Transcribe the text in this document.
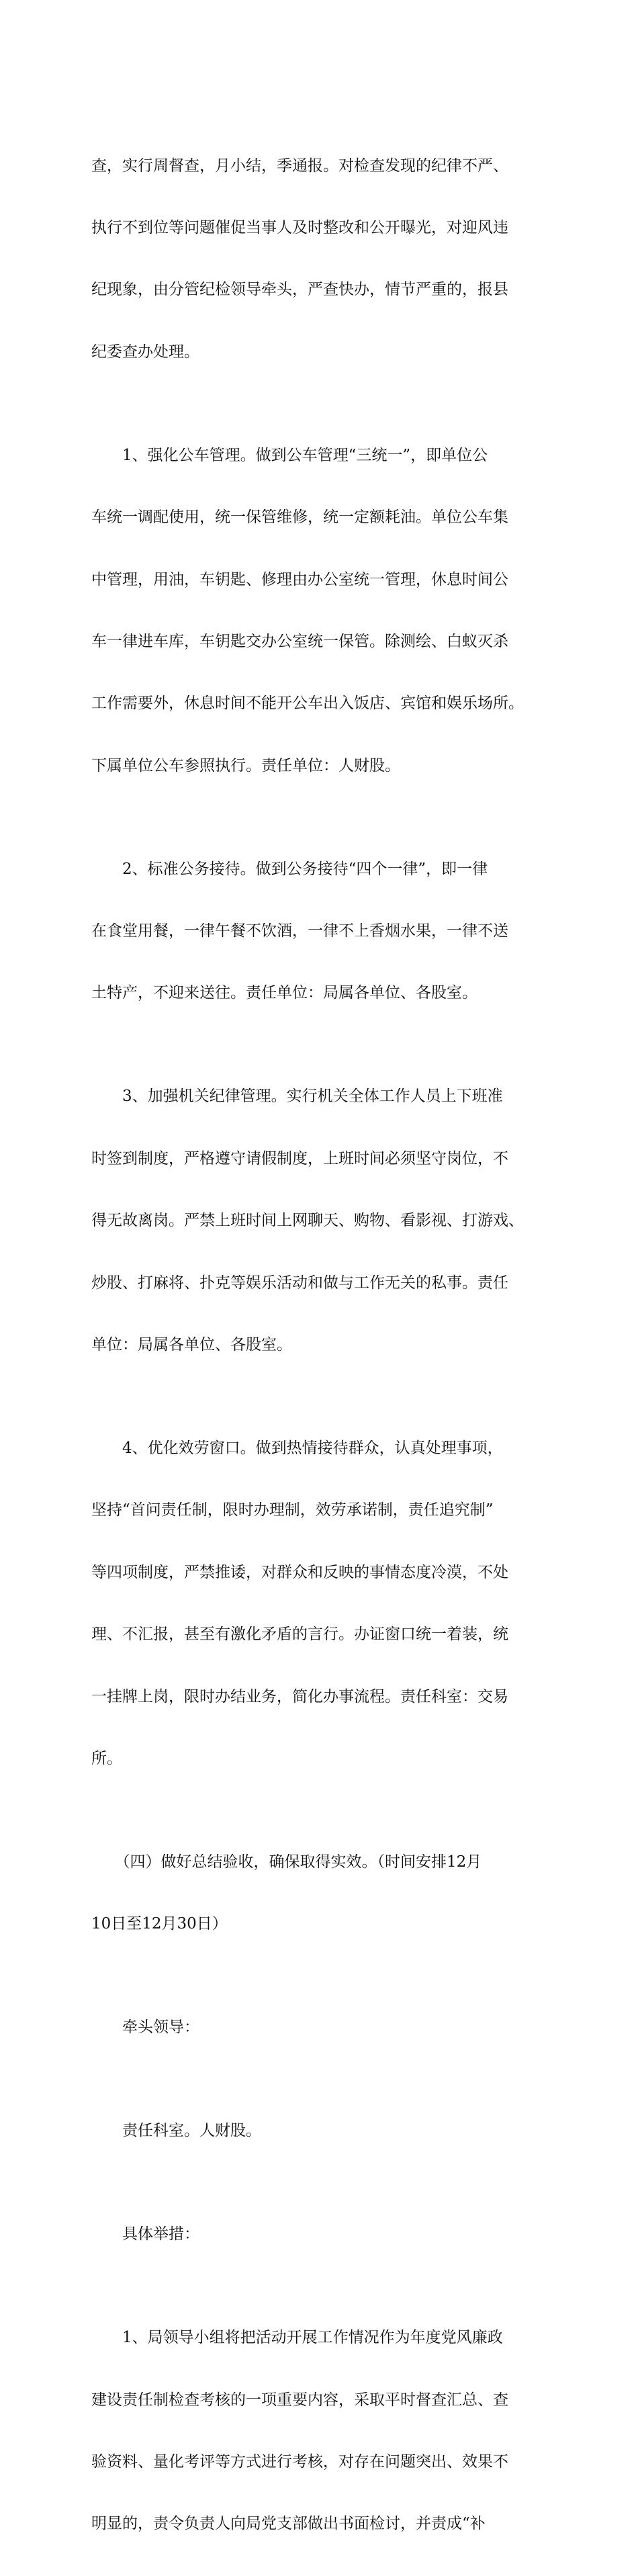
查，实行周督查，月小结，季通报。对检查发现的纪律不严、

执行不到位等问题催促当事人及时整改和公开曝光，对迎风违

纪现象，由分管纪检领导牵头，严查快办，情节严重的，报县

纪委查办处理。

　　1、强化公车管理。做到公车管理“三统一”，即单位公

车统一调配使用，统一保管维修，统一定额耗油。单位公车集

中管理，用油，车钥匙、修理由办公室统一管理，休息时间公

车一律进车库，车钥匙交办公室统一保管。除测绘、白蚁灭杀

工作需要外，休息时间不能开公车出入饭店、宾馆和娱乐场所。

下属单位公车参照执行。责任单位：人财股。

　　2、标准公务接待。做到公务接待“四个一律”，即一律

在食堂用餐，一律午餐不饮酒，一律不上香烟水果，一律不送

土特产，不迎来送往。责任单位：局属各单位、各股室。

　　3、加强机关纪律管理。实行机关全体工作人员上下班准

时签到制度，严格遵守请假制度，上班时间必须坚守岗位，不

得无故离岗。严禁上班时间上网聊天、购物、看影视、打游戏、

炒股、打麻将、扑克等娱乐活动和做与工作无关的私事。责任

单位：局属各单位、各股室。

　　4、优化效劳窗口。做到热情接待群众，认真处理事项，

坚持“首问责任制，限时办理制，效劳承诺制，责任追究制”

等四项制度，严禁推诿，对群众和反映的事情态度冷漠，不处

理、不汇报，甚至有激化矛盾的言行。办证窗口统一着装，统

一挂牌上岗，限时办结业务，简化办事流程。责任科室：交易

所。

　　（四）做好总结验收，确保取得实效。（时间安排12月

10日至12月30日）

　　牵头领导：

　　责任科室。人财股。

　　具体举措：

　　1、局领导小组将把活动开展工作情况作为年度党风廉政

建设责任制检查考核的一项重要内容，采取平时督查汇总、查

验资料、量化考评等方式进行考核，对存在问题突出、效果不

明显的，责令负责人向局党支部做出书面检讨，并责成“补
